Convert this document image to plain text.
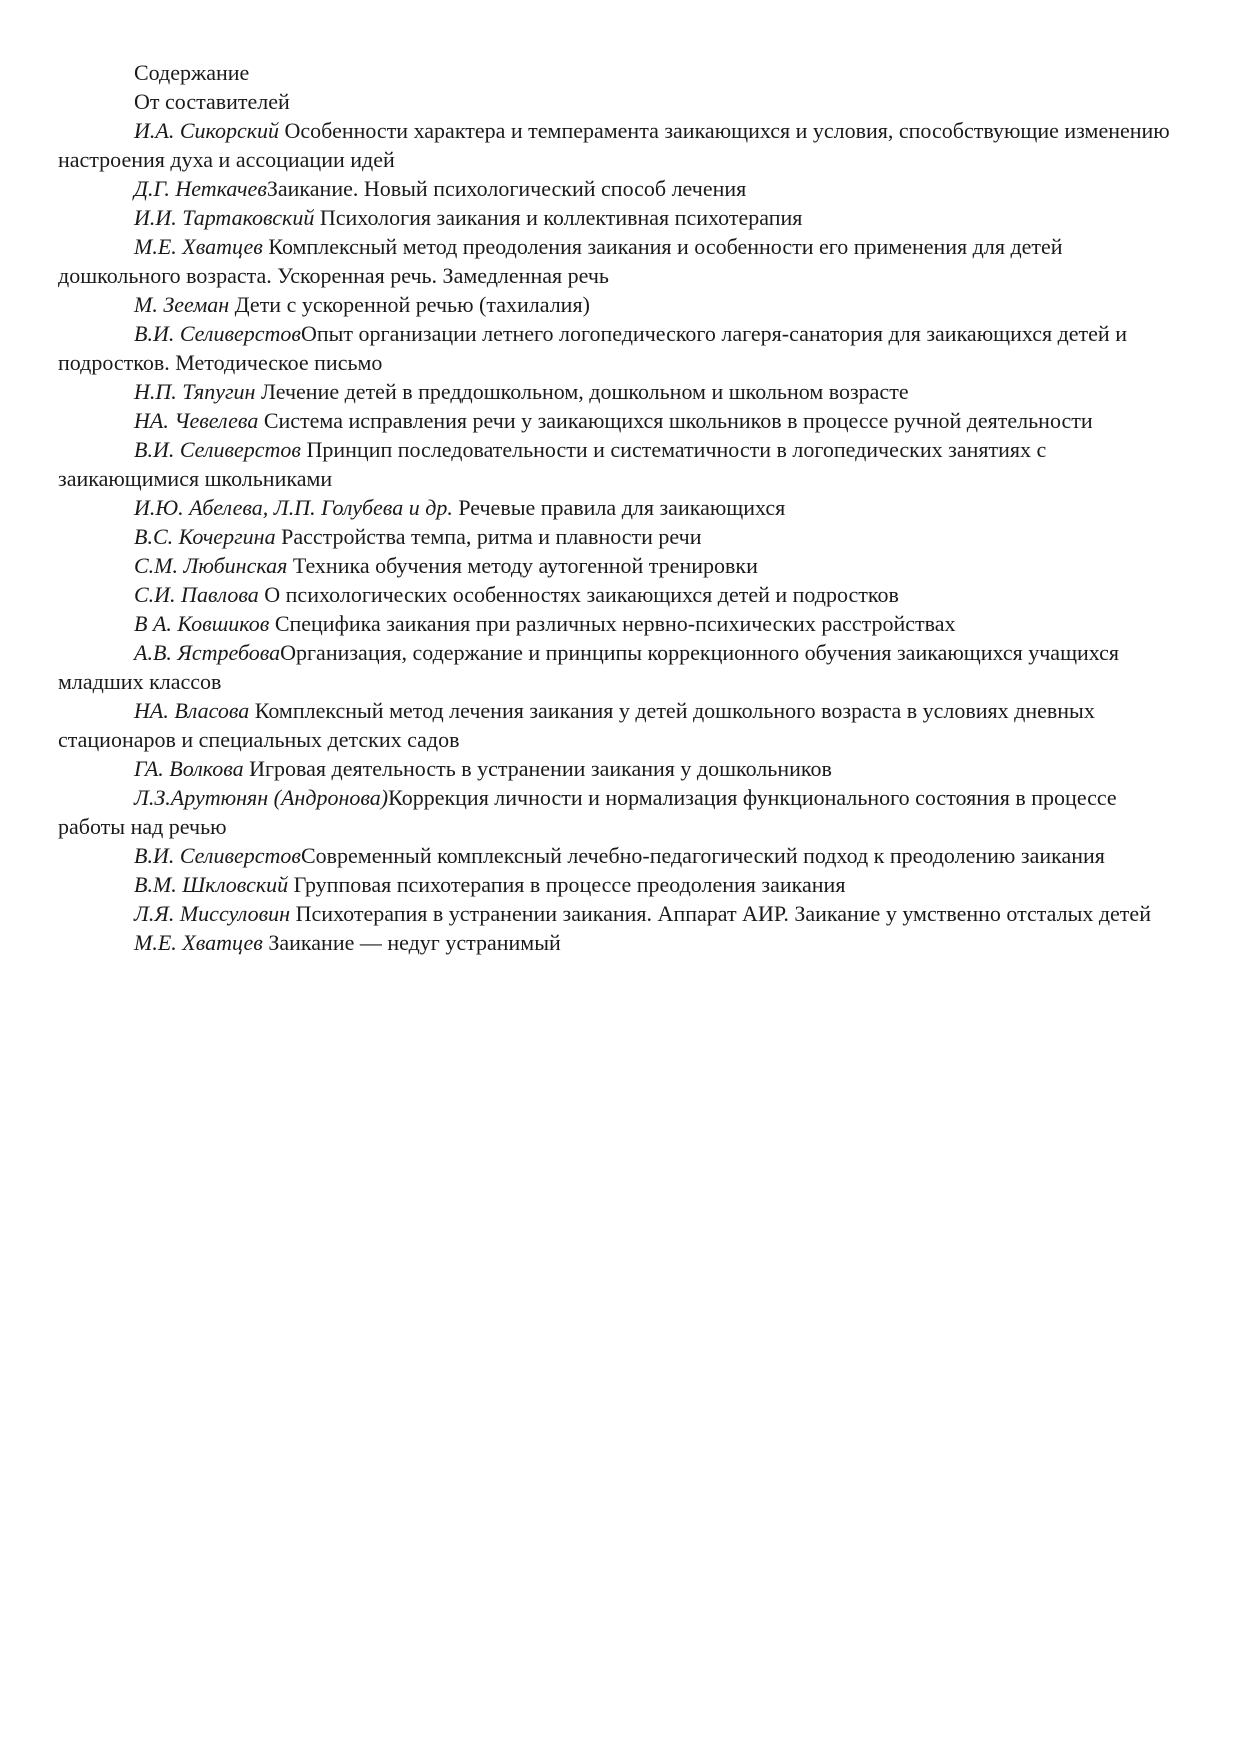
Содержание

От составителей

И.А. Сикорский Особенности характера и темперамента заикающихся и условия, способствующие изменению настроения духа и ассоциации идей

Д.Г. НеткачевЗаикание. Новый психологический способ лечения

И.И. Тартаковский Психология заикания и коллективная психотерапия

М.Е. Хватцев Комплексный метод преодоления заикания и особенности его применения для детей дошкольного возраста. Ускоренная речь. Замедленная речь

М. Зееман Дети с ускоренной речью (тахилалия)

В.И. СеливерстовОпыт организации летнего логопедического лагеря-санатория для заикающихся детей и подростков. Методическое письмо

Н.П. Тяпугин Лечение детей в преддошкольном, дошкольном и школьном возрасте

НА. Чевелева Система исправления речи у заикающихся школьников в процессе ручной деятельности

В.И. Селиверстов Принцип последовательности и систематичности в логопедических занятиях с заикающимися школьниками

И.Ю. Абелева, Л.П. Голубева и др. Речевые правила для заикающихся

В.С. Кочергина Расстройства темпа, ритма и плавности речи

С.М. Любинская Техника обучения методу аутогенной тренировки

С.И. Павлова О психологических особенностях заикающихся детей и подростков

В А. Ковшиков Специфика заикания при различных нервно-психических расстройствах

А.В. ЯстребоваОрганизация, содержание и принципы коррекционного обучения заикающихся учащихся младших классов

НА. Власова Комплексный метод лечения заикания у детей дошкольного возраста в условиях дневных стационаров и специальных детских садов

ГА. Волкова Игровая деятельность в устранении заикания у дошкольников

Л.З.Арутюнян (Андронова)Коррекция личности и нормализация функционального состояния в процессе работы над речью

В.И. СеливерстовСовременный комплексный лечебно-педагогический подход к преодолению заикания

В.М. Шкловский Групповая психотерапия в процессе преодоления заикания

Л.Я. Миссуловин Психотерапия в устранении заикания. Аппарат АИР. Заикание у умственно отсталых детей

М.Е. Хватцев Заикание — недуг устранимый
